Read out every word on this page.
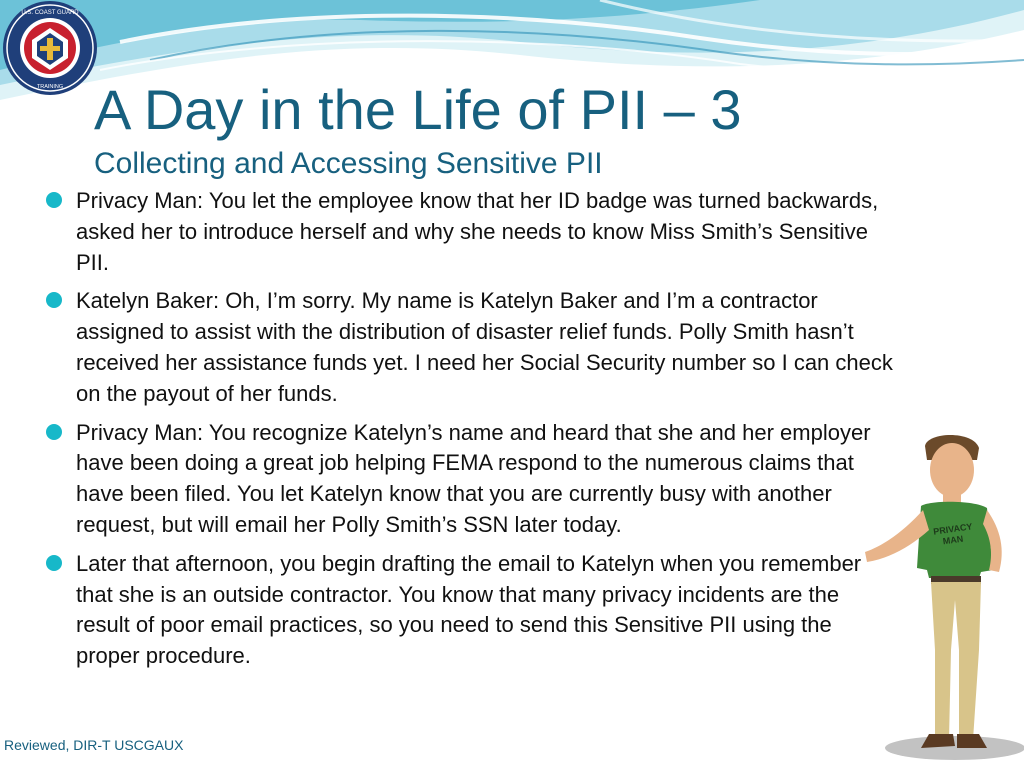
U.S. COAST GUARD
TRAINING A Day in the Life of PII – 3
Collecting and Accessing Sensitive PII
Privacy Man: You let the employee know that her ID badge was turned backwards, asked her to introduce herself and why she needs to know Miss Smith’s Sensitive PII.
Katelyn Baker: Oh, I’m sorry. My name is Katelyn Baker and I’m a contractor assigned to assist with the distribution of disaster relief funds. Polly Smith hasn’t received her assistance funds yet. I need her Social Security number so I can check on the payout of her funds.
Privacy Man: You recognize Katelyn’s name and heard that she and her employer have been doing a great job helping FEMA respond to the numerous claims that have been filed. You let Katelyn know that you are currently busy with another request, but will email her Polly Smith’s SSN later today.
Later that afternoon, you begin drafting the email to Katelyn when you remember that she is an outside contractor. You know that many privacy incidents are the result of poor email practices, so you need to send this Sensitive PII using the proper procedure.
PRIVACY
MAN
Reviewed, DIR-T USCGAUX
